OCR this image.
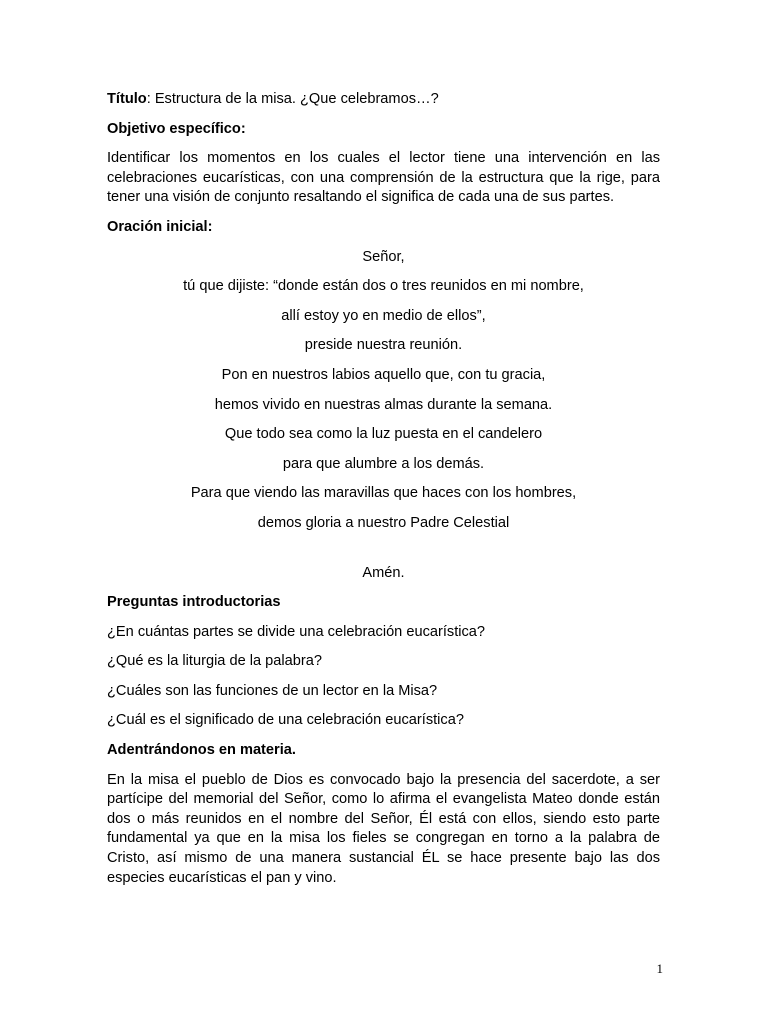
Título: Estructura de la misa. ¿Que celebramos…?

Objetivo específico:

Identificar los momentos en los cuales el lector tiene una intervención en las celebraciones eucarísticas, con una comprensión de la estructura que la rige, para tener una visión de conjunto resaltando el significa de cada una de sus partes.

Oración inicial:

Señor,

tú que dijiste: “donde están dos o tres reunidos en mi nombre,

allí estoy yo en medio de ellos”,

preside nuestra reunión.

Pon en nuestros labios aquello que, con tu gracia,

hemos vivido en nuestras almas durante la semana.

Que todo sea como la luz puesta en el candelero

para que alumbre a los demás.

Para que viendo las maravillas que haces con los hombres,

demos gloria a nuestro Padre Celestial

Amén.

Preguntas introductorias

¿En cuántas partes se divide una celebración eucarística?

¿Qué es la liturgia de la palabra?

¿Cuáles son las funciones de un lector en la Misa?

¿Cuál es el significado de una celebración eucarística?

Adentrándonos en materia.

En la misa el pueblo de Dios es convocado bajo la presencia del sacerdote, a ser partícipe del memorial del Señor, como lo afirma el evangelista Mateo donde están dos o más reunidos en el nombre del Señor, Él está con ellos, siendo esto parte fundamental ya que en la misa los fieles se congregan en torno a la palabra de Cristo, así mismo de una manera sustancial ÉL se hace presente bajo las dos especies eucarísticas el pan y vino.

1
